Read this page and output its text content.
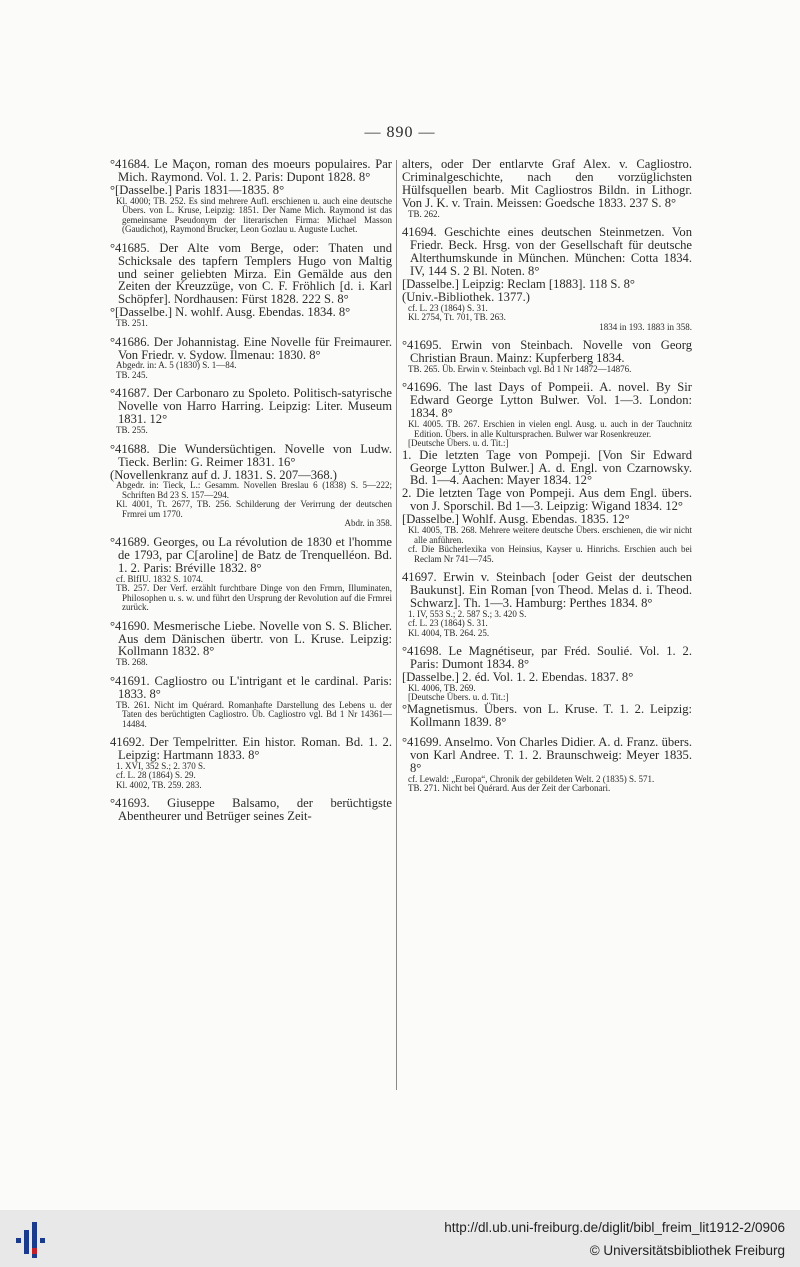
— 890 —

°41684. Le Maçon, roman des moeurs populaires. Par Mich. Raymond. Vol. 1. 2. Paris: Dupont 1828. 8°

°[Dasselbe.] Paris 1831—1835. 8°

Kl. 4000; TB. 252. Es sind mehrere Aufl. erschienen u. auch eine deutsche Übers. von L. Kruse, Leipzig: 1851. Der Name Mich. Raymond ist das gemeinsame Pseudonym der literarischen Firma: Michael Masson (Gaudichot), Raymond Brucker, Leon Gozlau u. Auguste Luchet.

°41685. Der Alte vom Berge, oder: Thaten und Schicksale des tapfern Templers Hugo von Maltig und seiner geliebten Mirza. Ein Gemälde aus den Zeiten der Kreuzzüge, von C. F. Fröhlich [d. i. Karl Schöpfer]. Nordhausen: Fürst 1828. 222 S. 8°

°[Dasselbe.] N. wohlf. Ausg. Ebendas. 1834. 8°

TB. 251.

°41686. Der Johannistag. Eine Novelle für Freimaurer. Von Friedr. v. Sydow. Ilmenau: 1830. 8°

Abgedr. in: A. 5 (1830) S. 1—84.

TB. 245.

°41687. Der Carbonaro zu Spoleto. Politisch-satyrische Novelle von Harro Harring. Leipzig: Liter. Museum 1831. 12°

TB. 255.

°41688. Die Wundersüchtigen. Novelle von Ludw. Tieck. Berlin: G. Reimer 1831. 16°

(Novellenkranz auf d. J. 1831. S. 207—368.)

Abgedr. in: Tieck, L.: Gesamm. Novellen Breslau 6 (1838) S. 5—222; Schriften Bd 23 S. 157—294.

Kl. 4001, Tt. 2677, TB. 256. Schilderung der Verirrung der deutschen Frmrei um 1770.

Abdr. in 358.

°41689. Georges, ou La révolution de 1830 et l'homme de 1793, par C[aroline] de Batz de Trenquelléon. Bd. 1. 2. Paris: Bréville 1832. 8°

cf. BlfIU. 1832 S. 1074.

TB. 257. Der Verf. erzählt furchtbare Dinge von den Frmrn, Illuminaten, Philosophen u. s. w. und führt den Ursprung der Revolution auf die Frmrei zurück.

°41690. Mesmerische Liebe. Novelle von S. S. Blicher. Aus dem Dänischen übertr. von L. Kruse. Leipzig: Kollmann 1832. 8°

TB. 268.

°41691. Cagliostro ou L'intrigant et le cardinal. Paris: 1833. 8°

TB. 261. Nicht im Quérard. Romanhafte Darstellung des Lebens u. der Taten des berüchtigten Cagliostro. Üb. Cagliostro vgl. Bd 1 Nr 14361—14484.

41692. Der Tempelritter. Ein histor. Roman. Bd. 1. 2. Leipzig: Hartmann 1833. 8°

1. XVI, 352 S.; 2. 370 S.

cf. L. 28 (1864) S. 29.

Kl. 4002, TB. 259. 283.

°41693. Giuseppe Balsamo, der berüchtigste Abentheurer und Betrüger seines Zeit-

alters, oder Der entlarvte Graf Alex. v. Cagliostro. Criminalgeschichte, nach den vorzüglichsten Hülfsquellen bearb. Mit Cagliostros Bildn. in Lithogr. Von J. K. v. Train. Meissen: Goedsche 1833. 237 S. 8°

TB. 262.

41694. Geschichte eines deutschen Steinmetzen. Von Friedr. Beck. Hrsg. von der Gesellschaft für deutsche Alterthumskunde in München. München: Cotta 1834. IV, 144 S. 2 Bl. Noten. 8°

[Dasselbe.] Leipzig: Reclam [1883]. 118 S. 8°

(Univ.-Bibliothek. 1377.)

cf. L. 23 (1864) S. 31.

Kl. 2754, Tt. 701, TB. 263.

1834 in 193. 1883 in 358.

°41695. Erwin von Steinbach. Novelle von Georg Christian Braun. Mainz: Kupferberg 1834.

TB. 265. Üb. Erwin v. Steinbach vgl. Bd 1 Nr 14872—14876.

°41696. The last Days of Pompeii. A. novel. By Sir Edward George Lytton Bulwer. Vol. 1—3. London: 1834. 8°

Kl. 4005. TB. 267. Erschien in vielen engl. Ausg. u. auch in der Tauchnitz Edition. Übers. in alle Kultursprachen. Bulwer war Rosenkreuzer.

[Deutsche Übers. u. d. Tit.:]

1. Die letzten Tage von Pompeji. [Von Sir Edward George Lytton Bulwer.] A. d. Engl. von Czarnowsky. Bd. 1—4. Aachen: Mayer 1834. 12°

2. Die letzten Tage von Pompeji. Aus dem Engl. übers. von J. Sporschil. Bd 1—3. Leipzig: Wigand 1834. 12°

[Dasselbe.] Wohlf. Ausg. Ebendas. 1835. 12°

Kl. 4005, TB. 268. Mehrere weitere deutsche Übers. erschienen, die wir nicht alle anführen.

cf. Die Bücherlexika von Heinsius, Kayser u. Hinrichs. Erschien auch bei Reclam Nr 741—745.

41697. Erwin v. Steinbach [oder Geist der deutschen Baukunst]. Ein Roman [von Theod. Melas d. i. Theod. Schwarz]. Th. 1—3. Hamburg: Perthes 1834. 8°

1. IV, 553 S.; 2. 587 S.; 3. 420 S.

cf. L. 23 (1864) S. 31.

Kl. 4004, TB. 264. 25.

°41698. Le Magnétiseur, par Fréd. Soulié. Vol. 1. 2. Paris: Dumont 1834. 8°

[Dasselbe.] 2. éd. Vol. 1. 2. Ebendas. 1837. 8°

Kl. 4006, TB. 269.

[Deutsche Übers. u. d. Tit.:]

°Magnetismus. Übers. von L. Kruse. T. 1. 2. Leipzig: Kollmann 1839. 8°

°41699. Anselmo. Von Charles Didier. A. d. Franz. übers. von Karl Andree. T. 1. 2. Braunschweig: Meyer 1835. 8°

cf. Lewald: „Europa“, Chronik der gebildeten Welt. 2 (1835) S. 571.

TB. 271. Nicht bei Quérard. Aus der Zeit der Carbonari.

http://dl.ub.uni-freiburg.de/diglit/bibl_freim_lit1912-2/0906
© Universitätsbibliothek Freiburg
